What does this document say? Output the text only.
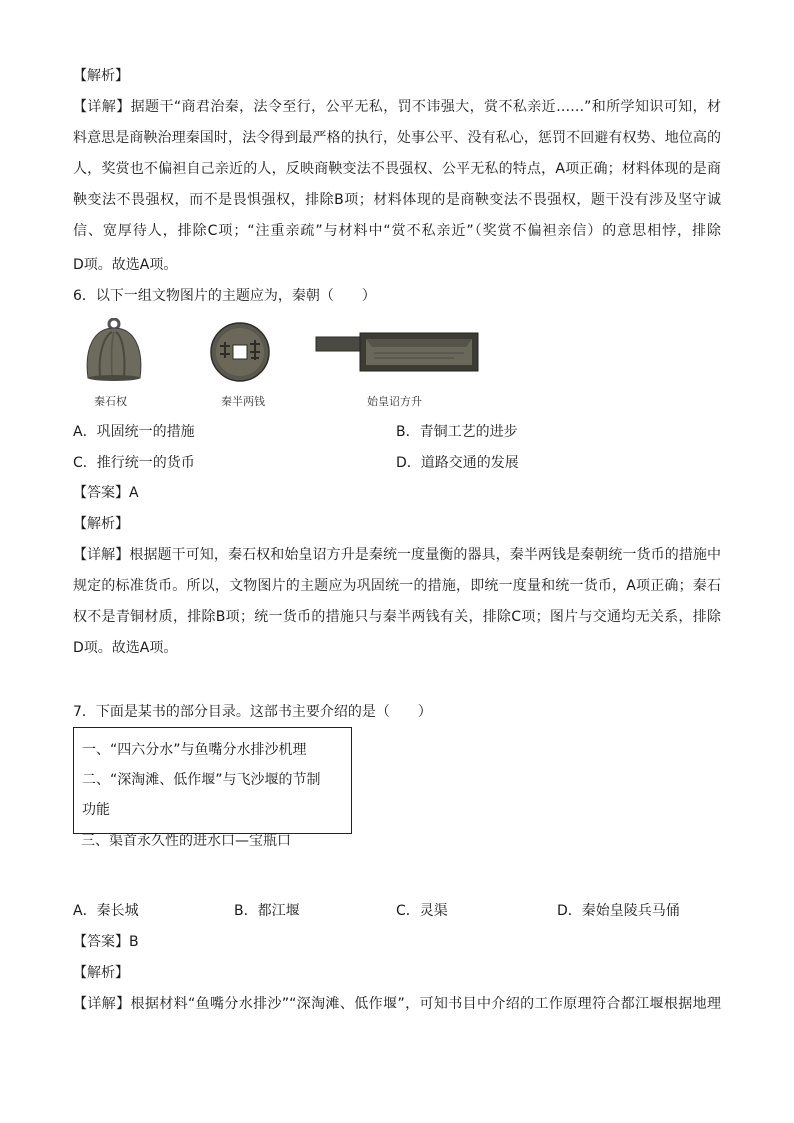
【解析】
【详解】据题干“商君治秦，法令至行，公平无私，罚不讳强大，赏不私亲近……”和所学知识可知，材
料意思是商鞅治理秦国时，法令得到最严格的执行，处事公平、没有私心，惩罚不回避有权势、地位高的
人，奖赏也不偏袒自己亲近的人，反映商鞅变法不畏强权、公平无私的特点，A项正确；材料体现的是商
鞅变法不畏强权，而不是畏惧强权，排除B项；材料体现的是商鞅变法不畏强权，题干没有涉及坚守诚
信、宽厚待人，排除C项；“注重亲疏”与材料中“赏不私亲近”（奖赏不偏袒亲信）的意思相悖，排除
D项。故选A项。
6．以下一组文物图片的主题应为，秦朝（　　）
秦石权	秦半两钱	始皇诏方升
A．巩固统一的措施	B．青铜工艺的进步
C．推行统一的货币	D．道路交通的发展
【答案】A
【解析】
【详解】根据题干可知，秦石权和始皇诏方升是秦统一度量衡的器具，秦半两钱是秦朝统一货币的措施中
规定的标准货币。所以，文物图片的主题应为巩固统一的措施，即统一度量和统一货币，A项正确；秦石
权不是青铜材质，排除B项；统一货币的措施只与秦半两钱有关，排除C项；图片与交通均无关系，排除
D项。故选A项。
7．下面是某书的部分目录。这部书主要介绍的是（　　）
一、“四六分水”与鱼嘴分水排沙机理
二、“深淘滩、低作堰”与飞沙堰的节制
功能
三、渠首永久性的进水口—宝瓶口
A．秦长城	B．都江堰	C．灵渠	D．秦始皇陵兵马俑
【答案】B
【解析】
【详解】根据材料“鱼嘴分水排沙”“深淘滩、低作堰”，可知书目中介绍的工作原理符合都江堰根据地理
